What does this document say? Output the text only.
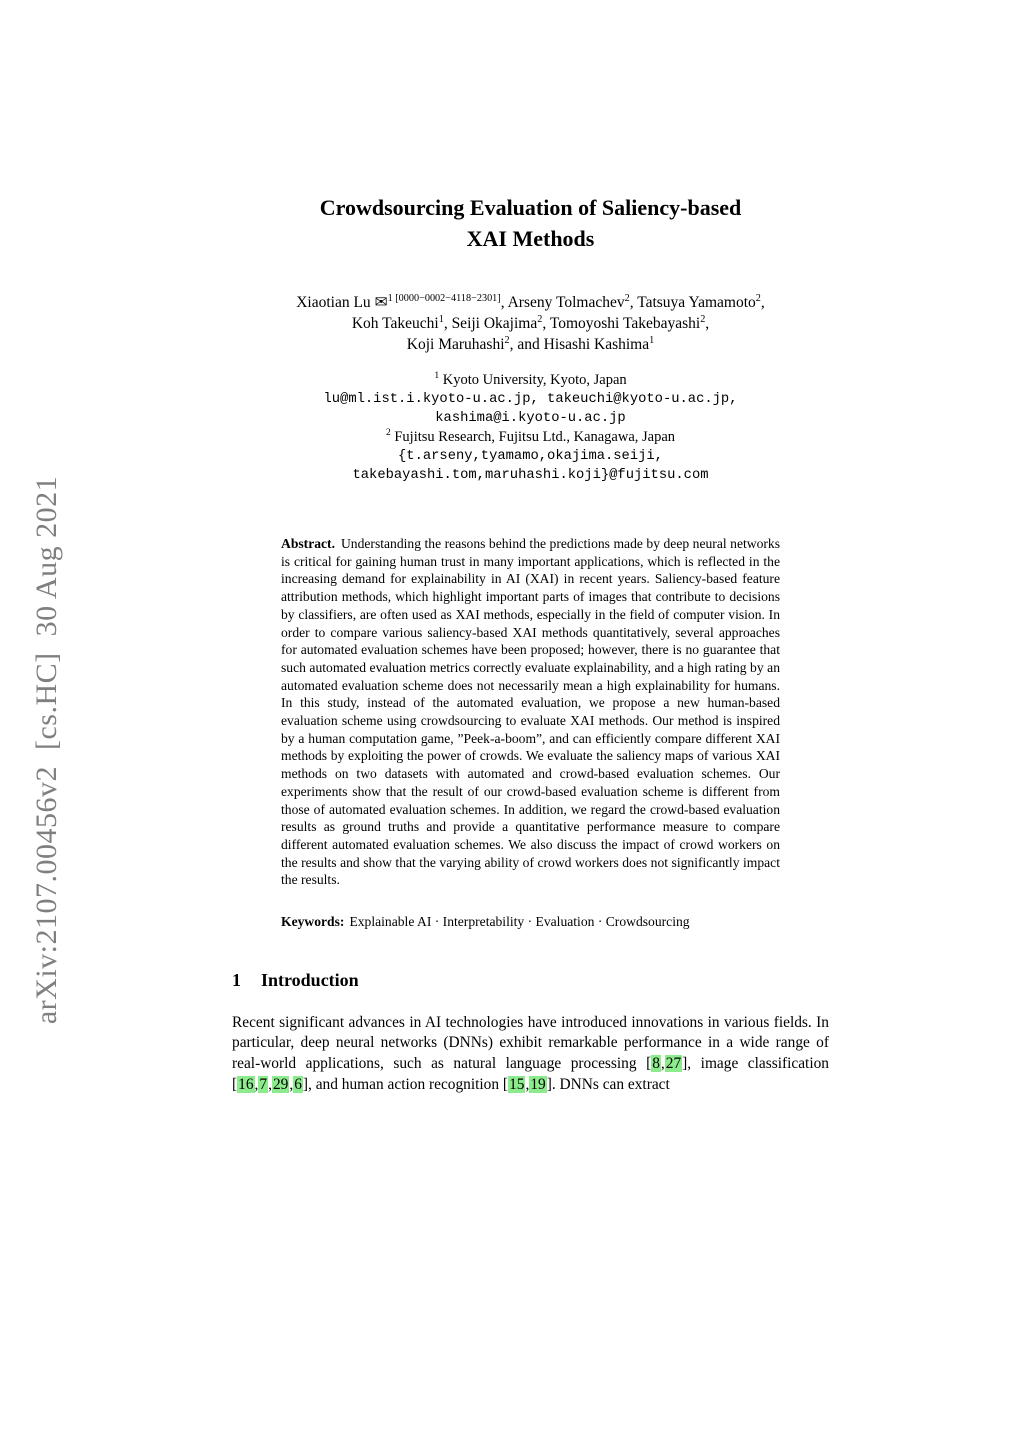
arXiv:2107.00456v2  [cs.HC]  30 Aug 2021
Crowdsourcing Evaluation of Saliency-based
XAI Methods
Xiaotian Lu ✉$^{1 [0000-0002-4118-2301]}$, Arseny Tolmachev$^2$, Tatsuya Yamamoto$^2$,
Koh Takeuchi$^1$, Seiji Okajima$^2$, Tomoyoshi Takebayashi$^2$,
Koji Maruhashi$^2$, and Hisashi Kashima$^1$
$^1$ Kyoto University, Kyoto, Japan
lu@ml.ist.i.kyoto-u.ac.jp, takeuchi@kyoto-u.ac.jp,
kashima@i.kyoto-u.ac.jp
$^2$ Fujitsu Research, Fujitsu Ltd., Kanagawa, Japan
{t.arseny,tyamamo,okajima.seiji,
takebayashi.tom,maruhashi.koji}@fujitsu.com
Abstract. Understanding the reasons behind the predictions made by deep neural networks is critical for gaining human trust in many important applications, which is reflected in the increasing demand for explainability in AI (XAI) in recent years. Saliency-based feature attribution methods, which highlight important parts of images that contribute to decisions by classifiers, are often used as XAI methods, especially in the field of computer vision. In order to compare various saliency-based XAI methods quantitatively, several approaches for automated evaluation schemes have been proposed; however, there is no guarantee that such automated evaluation metrics correctly evaluate explainability, and a high rating by an automated evaluation scheme does not necessarily mean a high explainability for humans. In this study, instead of the automated evaluation, we propose a new human-based evaluation scheme using crowdsourcing to evaluate XAI methods. Our method is inspired by a human computation game, ”Peek-a-boom”, and can efficiently compare different XAI methods by exploiting the power of crowds. We evaluate the saliency maps of various XAI methods on two datasets with automated and crowd-based evaluation schemes. Our experiments show that the result of our crowd-based evaluation scheme is different from those of automated evaluation schemes. In addition, we regard the crowd-based evaluation results as ground truths and provide a quantitative performance measure to compare different automated evaluation schemes. We also discuss the impact of crowd workers on the results and show that the varying ability of crowd workers does not significantly impact the results.
Keywords: Explainable AI · Interpretability · Evaluation · Crowdsourcing
1 Introduction

Recent significant advances in AI technologies have introduced innovations in various fields. In particular, deep neural networks (DNNs) exhibit remarkable performance in a wide range of real-world applications, such as natural language processing [8,27], image classification [16,7,29,6], and human action recognition [15,19]. DNNs can extract
